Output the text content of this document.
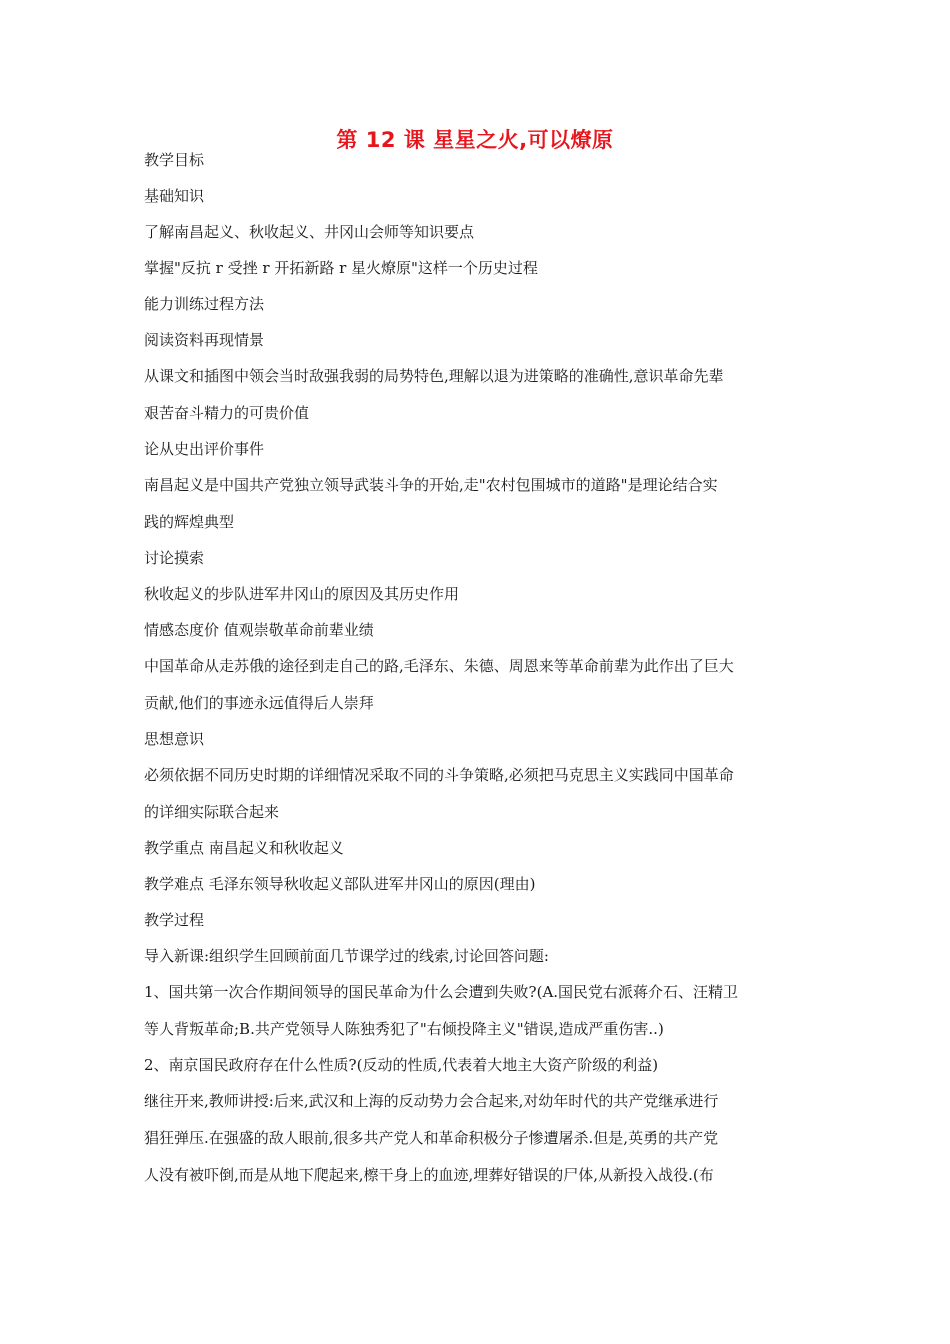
第 12 课 星星之火,可以燎原
教学目标
基础知识
了解南昌起义、秋收起义、井冈山会师等知识要点
掌握"反抗 r 受挫 r 开拓新路 r 星火燎原"这样一个历史过程
能力训练过程方法
阅读资料再现情景
从课文和插图中领会当时敌强我弱的局势特色,理解以退为进策略的准确性,意识革命先辈
艰苦奋斗精力的可贵价值
论从史出评价事件
南昌起义是中国共产党独立领导武装斗争的开始,走"农村包围城市的道路"是理论结合实
践的辉煌典型
讨论摸索
秋收起义的步队进军井冈山的原因及其历史作用
情感态度价 值观崇敬革命前辈业绩
中国革命从走苏俄的途径到走自己的路,毛泽东、朱德、周恩来等革命前辈为此作出了巨大
贡献,他们的事迹永远值得后人崇拜
思想意识
必须依据不同历史时期的详细情况采取不同的斗争策略,必须把马克思主义实践同中国革命
的详细实际联合起来
教学重点 南昌起义和秋收起义
教学难点 毛泽东领导秋收起义部队进军井冈山的原因(理由)
教学过程
导入新课:组织学生回顾前面几节课学过的线索,讨论回答问题:
1、国共第一次合作期间领导的国民革命为什么会遭到失败?(A.国民党右派蒋介石、汪精卫
等人背叛革命;B.共产党领导人陈独秀犯了"右倾投降主义"错误,造成严重伤害..)
2、南京国民政府存在什么性质?(反动的性质,代表着大地主大资产阶级的利益)
继往开来,教师讲授:后来,武汉和上海的反动势力会合起来,对幼年时代的共产党继承进行
猖狂弹压.在强盛的敌人眼前,很多共产党人和革命积极分子惨遭屠杀.但是,英勇的共产党
人没有被吓倒,而是从地下爬起来,檫干身上的血迹,埋葬好错误的尸体,从新投入战役.(布
